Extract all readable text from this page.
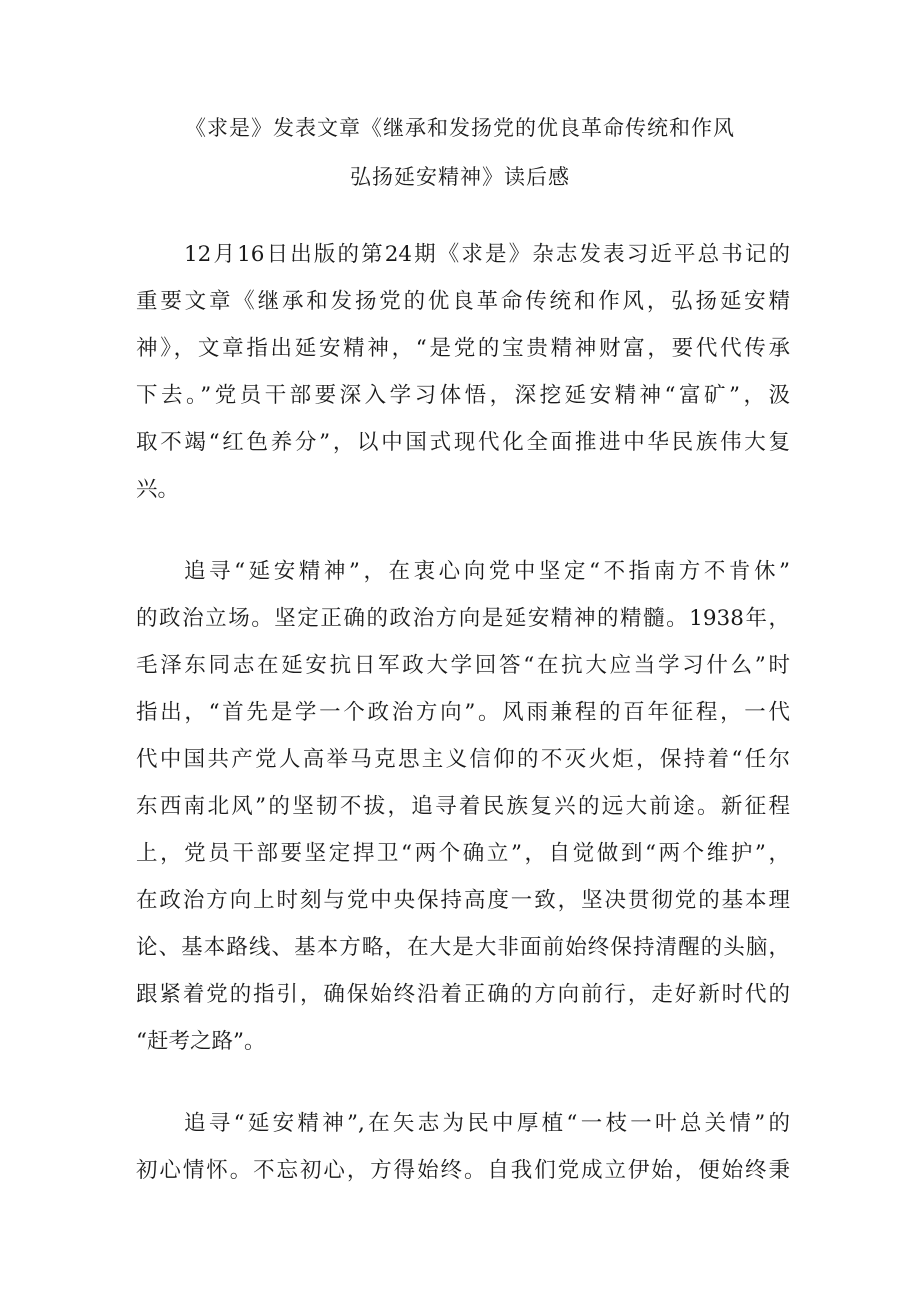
《求是》发表文章《继承和发扬党的优良革命传统和作风
弘扬延安精神》读后感
12月16日出版的第24期《求是》杂志发表习近平总书记的
重要文章《继承和发扬党的优良革命传统和作风，弘扬延安精
神》，文章指出延安精神，“是党的宝贵精神财富，要代代传承
下去。”党员干部要深入学习体悟，深挖延安精神“富矿”，汲
取不竭“红色养分”，以中国式现代化全面推进中华民族伟大复
兴。
追寻“延安精神”，在衷心向党中坚定“不指南方不肯休”
的政治立场。坚定正确的政治方向是延安精神的精髓。1938年，
毛泽东同志在延安抗日军政大学回答“在抗大应当学习什么”时
指出，“首先是学一个政治方向”。风雨兼程的百年征程，一代
代中国共产党人高举马克思主义信仰的不灭火炬，保持着“任尔
东西南北风”的坚韧不拔，追寻着民族复兴的远大前途。新征程
上，党员干部要坚定捍卫“两个确立”，自觉做到“两个维护”，
在政治方向上时刻与党中央保持高度一致，坚决贯彻党的基本理
论、基本路线、基本方略，在大是大非面前始终保持清醒的头脑，
跟紧着党的指引，确保始终沿着正确的方向前行，走好新时代的
“赶考之路”。
追寻“延安精神”,在矢志为民中厚植“一枝一叶总关情”的
初心情怀。不忘初心，方得始终。自我们党成立伊始，便始终秉
